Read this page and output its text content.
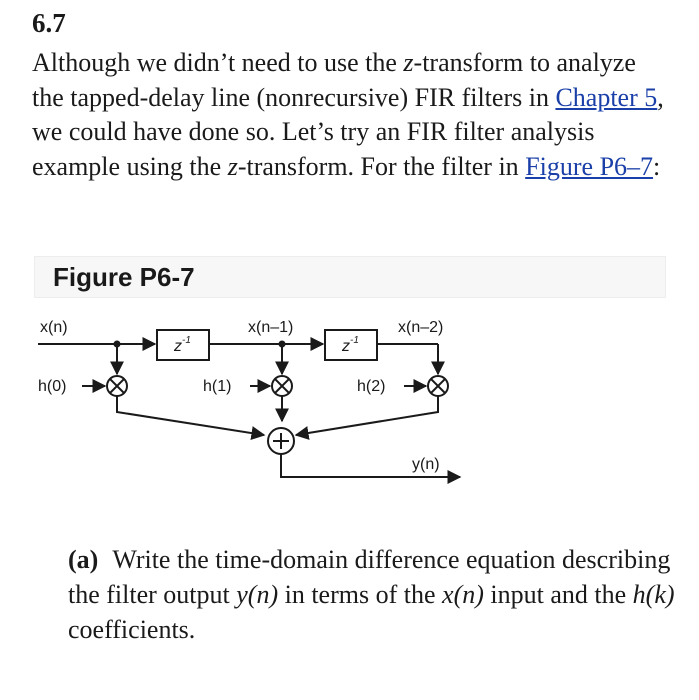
6.7
Although we didn’t need to use the z-transform to analyze the tapped-delay line (nonrecursive) FIR filters in Chapter 5, we could have done so. Let’s try an FIR filter analysis example using the z-transform. For the filter in Figure P6–7:
Figure P6-7
x(n)	x(n–1)	x(n–2)
$z^{-1}$	$z^{-1}$
h(0)	h(1)	h(2)
y(n)
(a) Write the time-domain difference equation describing the filter output y(n) in terms of the x(n) input and the h(k) coefficients.
